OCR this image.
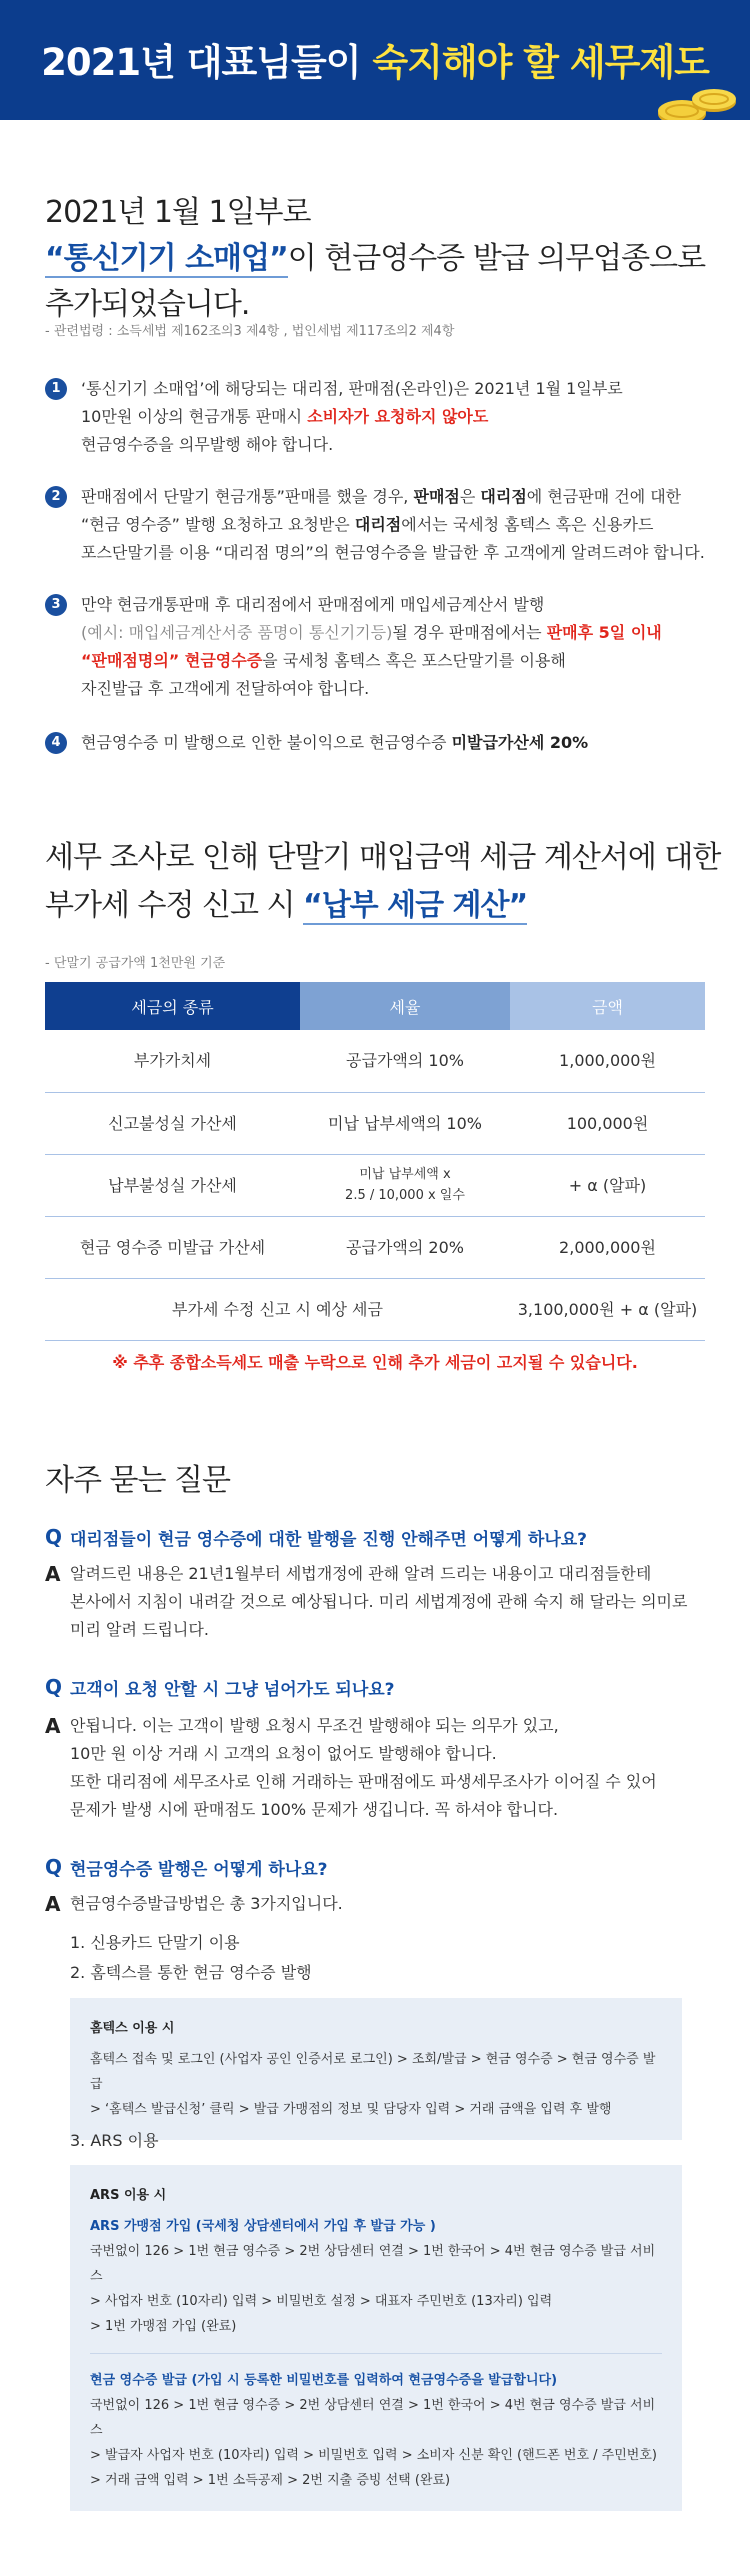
2021년 대표님들이 숙지해야 할 세무제도
2021년 1월 1일부로
“통신기기 소매업”이 현금영수증 발급 의무업종으로
추가되었습니다.
- 관련법령 : 소득세법 제162조의3 제4항 , 법인세법 제117조의2 제4항
1	‘통신기기 소매업’에 해당되는 대리점, 판매점(온라인)은 2021년 1월 1일부로
10만원 이상의 현금개통 판매시 소비자가 요청하지 않아도
현금영수증을 의무발행 해야 합니다.
2	판매점에서 단말기 현금개통”판매를 했을 경우, 판매점은 대리점에 현금판매 건에 대한
“현금 영수증” 발행 요청하고 요청받은 대리점에서는 국세청 홈텍스 혹은 신용카드
포스단말기를 이용 “대리점 명의”의 현금영수증을 발급한 후 고객에게 알려드려야 합니다.
3	만약 현금개통판매 후 대리점에서 판매점에게 매입세금계산서 발행
(예시: 매입세금계산서중 품명이 통신기기등)될 경우 판매점에서는 판매후 5일 이내
“판매점명의” 현금영수증을 국세청 홈텍스 혹은 포스단말기를 이용해
자진발급 후 고객에게 전달하여야 합니다.
4	현금영수증 미 발행으로 인한 불이익으로 현금영수증 미발급가산세 20%
세무 조사로 인해 단말기 매입금액 세금 계산서에 대한
부가세 수정 신고 시 “납부 세금 계산”
- 단말기 공급가액 1천만원 기준
세금의 종류	세율	금액
부가가치세	공급가액의 10%	1,000,000원
신고불성실 가산세	미납 납부세액의 10%	100,000원
납부불성실 가산세	미납 납부세액 x
2.5 / 10,000 x 일수	+ α (알파)
현금 영수증 미발급 가산세	공급가액의 20%	2,000,000원
부가세 수정 신고 시 예상 세금		3,100,000원 + α (알파)
※ 추후 종합소득세도 매출 누락으로 인해 추가 세금이 고지될 수 있습니다.
자주 묻는 질문
Q 대리점들이 현금 영수증에 대한 발행을 진행 안해주면 어떻게 하나요?
A 알려드린 내용은 21년1월부터 세법개정에 관해 알려 드리는 내용이고 대리점들한테
본사에서 지침이 내려갈 것으로 예상됩니다. 미리 세법계정에 관해 숙지 해 달라는 의미로
미리 알려 드립니다.
Q 고객이 요청 안할 시 그냥 넘어가도 되나요?
A 안됩니다. 이는 고객이 발행 요청시 무조건 발행해야 되는 의무가 있고,
10만 원 이상 거래 시 고객의 요청이 없어도 발행해야 합니다.
또한 대리점에 세무조사로 인해 거래하는 판매점에도 파생세무조사가 이어질 수 있어
문제가 발생 시에 판매점도 100% 문제가 생깁니다. 꼭 하셔야 합니다.
Q 현금영수증 발행은 어떻게 하나요?
A 현금영수증발급방법은 총 3가지입니다.
1. 신용카드 단말기 이용
2. 홈텍스를 통한 현금 영수증 발행
홈텍스 이용 시
홈텍스 접속 및 로그인 (사업자 공인 인증서로 로그인) > 조회/발급 > 현금 영수증 > 현금 영수증 발급
> ‘홈텍스 발급신청’ 클릭 > 발급 가맹점의 정보 및 담당자 입력 > 거래 금액을 입력 후 발행
3. ARS 이용
ARS 이용 시
ARS 가맹점 가입 (국세청 상담센터에서 가입 후 발급 가능 )
국번없이 126 > 1번 현금 영수증 > 2번 상담센터 연결 > 1번 한국어 > 4번 현금 영수증 발급 서비스
> 사업자 번호 (10자리) 입력 > 비밀번호 설정 > 대표자 주민번호 (13자리) 입력
> 1번 가맹점 가입 (완료)
현금 영수증 발급 (가입 시 등록한 비밀번호를 입력하여 현금영수증을 발급합니다)
국번없이 126 > 1번 현금 영수증 > 2번 상담센터 연결 > 1번 한국어 > 4번 현금 영수증 발급 서비스
> 발급자 사업자 번호 (10자리) 입력 > 비밀번호 입력 > 소비자 신분 확인 (핸드폰 번호 / 주민번호)
> 거래 금액 입력 > 1번 소득공제 > 2번 지출 증빙 선택 (완료)
